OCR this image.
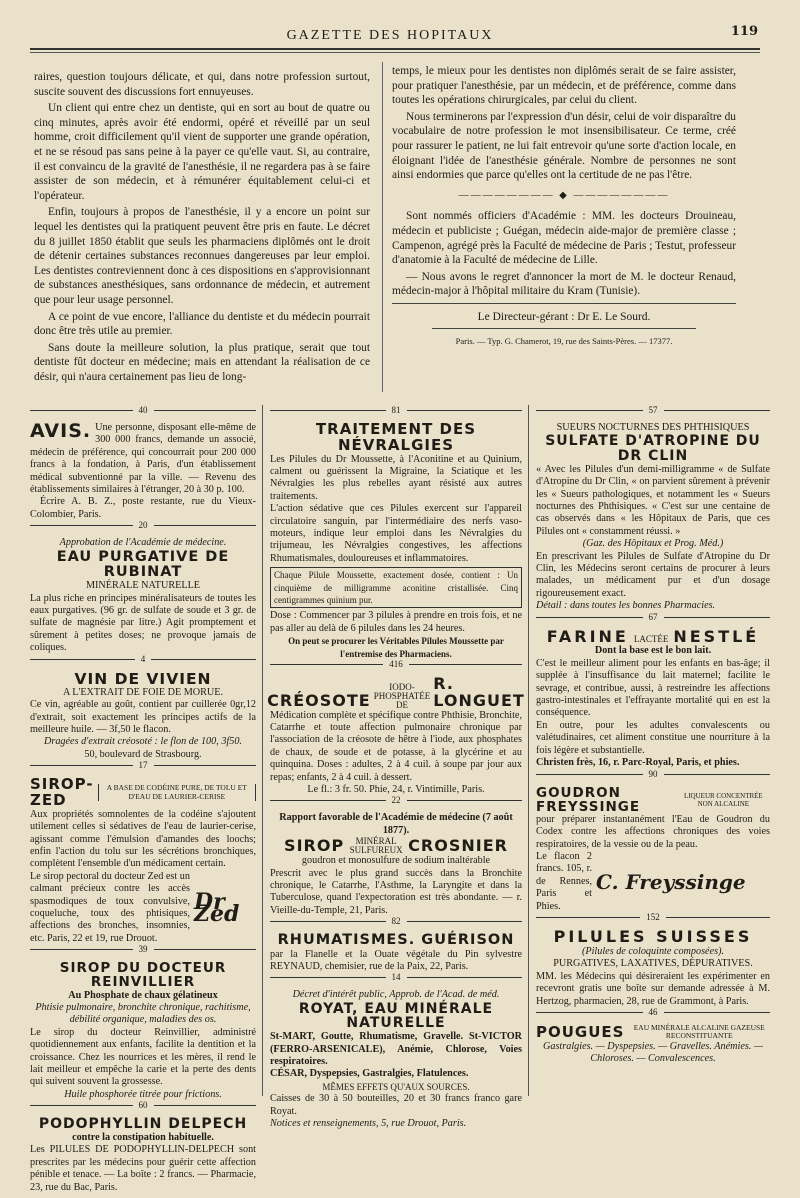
GAZETTE DES HOPITAUX	119

raires, question toujours délicate, et qui, dans notre profession surtout, suscite souvent des discussions fort ennuyeuses.

Un client qui entre chez un dentiste, qui en sort au bout de quatre ou cinq minutes, après avoir été endormi, opéré et réveillé par un seul homme, croit difficilement qu'il vient de supporter une grande opération, et ne se résoud pas sans peine à la payer ce qu'elle vaut. Si, au contraire, il est convaincu de la gravité de l'anesthésie, il ne regardera pas à se faire assister de son médecin, et à rémunérer équitablement celui-ci et l'opérateur.

Enfin, toujours à propos de l'anesthésie, il y a encore un point sur lequel les dentistes qui la pratiquent peuvent être pris en faute. Le décret du 8 juillet 1850 établit que seuls les pharmaciens diplômés ont le droit de détenir certaines substances reconnues dangereuses par leur emploi. Les dentistes contreviennent donc à ces dispositions en s'approvisionnant de substances anesthésiques, sans ordonnance de médecin, et autrement que pour leur usage personnel.

A ce point de vue encore, l'alliance du dentiste et du médecin pourrait donc être très utile au premier.

Sans doute la meilleure solution, la plus pratique, serait que tout dentiste fût docteur en médecine; mais en attendant la réalisation de ce désir, qui n'aura certainement pas lieu de long-

temps, le mieux pour les dentistes non diplômés serait de se faire assister, pour pratiquer l'anesthésie, par un médecin, et de préférence, comme dans toutes les opérations chirurgicales, par celui du client.

Nous terminerons par l'expression d'un désir, celui de voir disparaître du vocabulaire de notre profession le mot insensibilisateur. Ce terme, créé pour rassurer le patient, ne lui fait entrevoir qu'une sorte d'action locale, en éloignant l'idée de l'anesthésie générale. Nombre de personnes ne sont ainsi endormies que parce qu'elles ont la certitude de ne pas l'être.

———————— ◆ ————————

Sont nommés officiers d'Académie : MM. les docteurs Drouineau, médecin et publiciste ; Guégan, médecin aide-major de première classe ; Campenon, agrégé près la Faculté de médecine de Paris ; Testut, professeur d'anatomie à la Faculté de médecine de Lille.

— Nous avons le regret d'annoncer la mort de M. le docteur Renaud, médecin-major à l'hôpital militaire du Kram (Tunisie).

Le Directeur-gérant : Dr E. Le Sourd.
Paris. — Typ. G. Chamerot, 19, rue des Saints-Pères. — 17377.
40
AVIS. Une personne, disposant elle-même de 300 000 francs, demande un associé, médecin de préférence, qui concourrait pour 200 000 francs à la fondation, à Paris, d'un établissement médical subventionné par la ville. — Revenu des établissements similaires à l'étranger, 20 à 30 p. 100.
Écrire A. B. Z., poste restante, rue du Vieux-Colombier, Paris.
20
Approbation de l'Académie de médecine.
EAU PURGATIVE DE RUBINAT
MINÉRALE NATURELLE
La plus riche en principes minéralisateurs de toutes les eaux purgatives. (96 gr. de sulfate de soude et 3 gr. de sulfate de magnésie par litre.) Agit promptement et sûrement à petites doses; ne provoque jamais de coliques.
4
VIN DE VIVIEN
A L'EXTRAIT DE FOIE DE MORUE.
Ce vin, agréable au goût, contient par cuillerée 0gr,12 d'extrait, soit exactement les principes actifs de la meilleure huile. — 3f,50 le flacon.
Dragées d'extrait créosoté : le flon de 100, 3f50.
50, boulevard de Strasbourg.
17
SIROP-ZED
A BASE DE CODÉINE PURE, DE TOLU ET D'EAU DE LAURIER-CERISE
Aux propriétés somnolentes de la codéine s'ajoutent utilement celles si sédatives de l'eau de laurier-cerise, agissant comme l'émulsion d'amandes des loochs; enfin l'action du tolu sur les sécrétions bronchiques, complètent l'ensemble d'un médicament certain.
Le sirop pectoral du docteur Zed est un calmant précieux contre les accès spasmodiques de toux convulsive, coqueluche, toux des phtisiques, affections des bronches, insomnies, etc. Paris, 22 et 19, rue Drouot.
Dr Zed
39
SIROP DU DOCTEUR REINVILLIER
Au Phosphate de chaux gélatineux
Phtisie pulmonaire, bronchite chronique, rachitisme, débilité organique, maladies des os.
Le sirop du docteur Reinvillier, administré quotidiennement aux enfants, facilite la dentition et la croissance. Chez les nourrices et les mères, il rend le lait meilleur et empêche la carie et la perte des dents qui suivent souvent la grossesse.
Huile phosphorée titrée pour frictions.
60
PODOPHYLLIN DELPECH
contre la constipation habituelle.
Les PILULES DE PODOPHYLLIN-DELPECH sont prescrites par les médecins pour guérir cette affection pénible et tenace. — La boîte : 2 francs. — Pharmacie, 23, rue du Bac, Paris.
81
TRAITEMENT DES NÉVRALGIES
Les Pilules du Dr Moussette, à l'Aconitine et au Quinium, calment ou guérissent la Migraine, la Sciatique et les Névralgies les plus rebelles ayant résisté aux autres traitements.
L'action sédative que ces Pilules exercent sur l'appareil circulatoire sanguin, par l'intermédiaire des nerfs vaso-moteurs, indique leur emploi dans les Névralgies du trijumeau, les Névralgies congestives, les affections Rhumatismales, douloureuses et inflammatoires.
Chaque Pilule Moussette, exactement dosée, contient : Un cinquième de milligramme aconitine cristallisée. Cinq centigrammes quinium pur.
Dose : Commencer par 3 pilules à prendre en trois fois, et ne pas aller au delà de 6 pilules dans les 24 heures.
On peut se procurer les Véritables Pilules Moussette par l'entremise des Pharmaciens.
416
CRÉOSOTE
IODO-
PHOSPHATÉE DE
R. LONGUET
Médication complète et spécifique contre Phthisie, Bronchite, Catarrhe et toute affection pulmonaire chronique par l'association de la créosote de hêtre à l'iode, aux phosphates de chaux, de soude et de potasse, à la glycérine et au quinquina. Doses : adultes, 2 à 4 cuil. à soupe par jour aux repas; enfants, 2 à 4 cuil. à dessert.
Le fl.: 3 fr. 50. Phie, 24, r. Vintimille, Paris.
22
Rapport favorable de l'Académie de médecine (7 août 1877).
SIROP	MINÉRAL SULFUREUX CROSNIER
goudron et monosulfure de sodium inaltérable
Prescrit avec le plus grand succès dans la Bronchite chronique, le Catarrhe, l'Asthme, la Laryngite et dans la Tuberculose, quand l'expectoration est très abondante. — r. Vieille-du-Temple, 21, Paris.
82
RHUMATISMES. GUÉRISON
par la Flanelle et la Ouate végétale du Pin sylvestre REYNAUD, chemisier, rue de la Paix, 22, Paris.
14
Décret d'intérêt public, Approb. de l'Acad. de méd.
ROYAT, EAU MINÉRALE NATURELLE
St-MART, Goutte, Rhumatisme, Gravelle. St-VICTOR (FERRO-ARSENICALE), Anémie, Chlorose, Voies respiratoires.
CÉSAR, Dyspepsies, Gastralgies, Flatulences.
MÊMES EFFETS QU'AUX SOURCES.
Caisses de 30 à 50 bouteilles, 20 et 30 francs franco gare Royat.
Notices et renseignements, 5, rue Drouot, Paris.
57
SUEURS NOCTURNES DES PHTHISIQUES
SULFATE D'ATROPINE DU DR CLIN
« Avec les Pilules d'un demi-milligramme « de Sulfate d'Atropine du Dr Clin, « on parvient sûrement à prévenir les « Sueurs pathologiques, et notamment les « Sueurs nocturnes des Phthisiques. « C'est sur une centaine de cas observés dans « les Hôpitaux de Paris, que ces Pilules ont « constamment réussi. »
(Gaz. des Hôpitaux et Prog. Méd.)
En prescrivant les Pilules de Sulfate d'Atropine du Dr Clin, les Médecins seront certains de procurer à leurs malades, un médicament pur et d'un dosage rigoureusement exact.
Détail : dans toutes les bonnes Pharmacies.
67
FARINE LACTÉE NESTLÉ
Dont la base est le bon lait.
C'est le meilleur aliment pour les enfants en bas-âge; il supplée à l'insuffisance du lait maternel; facilite le sevrage, et contribue, aussi, à restreindre les affections gastro-intestinales et l'effrayante mortalité qui en est la conséquence.
En outre, pour les adultes convalescents ou valétudinaires, cet aliment constitue une nourriture à la fois légère et substantielle.
Christen frès, 16, r. Parc-Royal, Paris, et phies.
90
GOUDRON FREYSSINGE
LIQUEUR CONCENTRÉE NON ALCALINE
pour préparer instantanément l'Eau de Goudron du Codex contre les affections chroniques des voies respiratoires, de la vessie ou de la peau.
Le flacon 2 francs. 105, r. de Rennes, Paris et Phies.
C. Freyssinge
152
PILULES SUISSES
(Pilules de coloquinte composées).
PURGATIVES, LAXATIVES, DÉPURATIVES.
MM. les Médecins qui désireraient les expérimenter en recevront gratis une boîte sur demande adressée à M. Hertzog, pharmacien, 28, rue de Grammont, à Paris.
46
POUGUES	EAU MINÉRALE ALCALINE GAZEUSE RECONSTITUANTE
Gastralgies. — Dyspepsies. — Gravelles. Anémies. — Chloroses. — Convalescences.
